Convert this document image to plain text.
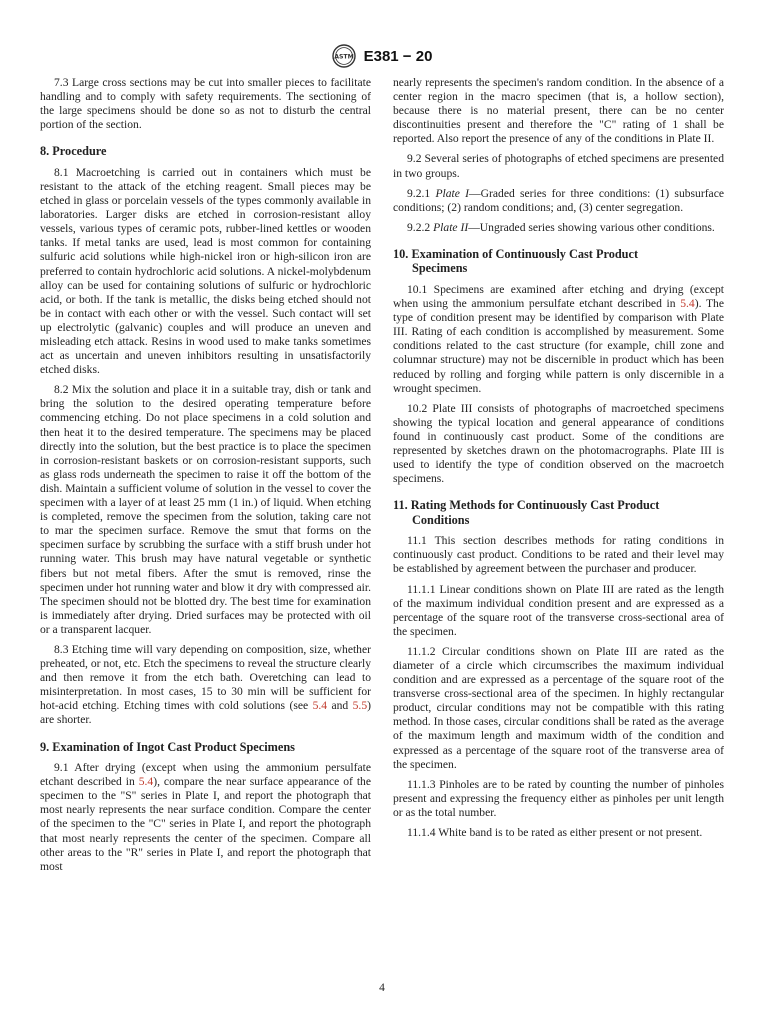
ASTM E381 − 20

7.3 Large cross sections may be cut into smaller pieces to facilitate handling and to comply with safety requirements. The sectioning of the large specimens should be done so as not to disturb the central portion of the section.

8. Procedure

8.1 Macroetching is carried out in containers which must be resistant to the attack of the etching reagent. Small pieces may be etched in glass or porcelain vessels of the types commonly available in laboratories. Larger disks are etched in corrosion-resistant alloy vessels, various types of ceramic pots, rubber-lined kettles or wooden tanks. If metal tanks are used, lead is most common for containing sulfuric acid solutions while high-nickel iron or high-silicon iron are preferred to contain hydrochloric acid solutions. A nickel-molybdenum alloy can be used for containing solutions of sulfuric or hydrochloric acid, or both. If the tank is metallic, the disks being etched should not be in contact with each other or with the vessel. Such contact will set up electrolytic (galvanic) couples and will produce an uneven and misleading etch attack. Resins in wood used to make tanks sometimes act as uncertain and uneven inhibitors resulting in unsatisfactorily etched disks.

8.2 Mix the solution and place it in a suitable tray, dish or tank and bring the solution to the desired operating temperature before commencing etching. Do not place specimens in a cold solution and then heat it to the desired temperature. The specimens may be placed directly into the solution, but the best practice is to place the specimen in corrosion-resistant baskets or on corrosion-resistant supports, such as glass rods underneath the specimen to raise it off the bottom of the dish. Maintain a sufficient volume of solution in the vessel to cover the specimen with a layer of at least 25 mm (1 in.) of liquid. When etching is completed, remove the specimen from the solution, taking care not to mar the specimen surface. Remove the smut that forms on the specimen surface by scrubbing the surface with a stiff brush under hot running water. This brush may have natural vegetable or synthetic fibers but not metal fibers. After the smut is removed, rinse the specimen under hot running water and blow it dry with compressed air. The specimen should not be blotted dry. The best time for examination is immediately after drying. Dried surfaces may be protected with oil or a transparent lacquer.

8.3 Etching time will vary depending on composition, size, whether preheated, or not, etc. Etch the specimens to reveal the structure clearly and then remove it from the etch bath. Overetching can lead to misinterpretation. In most cases, 15 to 30 min will be sufficient for hot-acid etching. Etching times with cold solutions (see 5.4 and 5.5) are shorter.

9. Examination of Ingot Cast Product Specimens

9.1 After drying (except when using the ammonium persulfate etchant described in 5.4), compare the near surface appearance of the specimen to the "S" series in Plate I, and report the photograph that most nearly represents the near surface condition. Compare the center of the specimen to the "C" series in Plate I, and report the photograph that most nearly represents the center of the specimen. Compare all other areas to the "R" series in Plate I, and report the photograph that most

nearly represents the specimen's random condition. In the absence of a center region in the macro specimen (that is, a hollow section), because there is no material present, there can be no center discontinuities present and therefore the "C" rating of 1 shall be reported. Also report the presence of any of the conditions in Plate II.

9.2 Several series of photographs of etched specimens are presented in two groups.

9.2.1 Plate I—Graded series for three conditions: (1) subsurface conditions; (2) random conditions; and, (3) center segregation.

9.2.2 Plate II—Ungraded series showing various other conditions.

10. Examination of Continuously Cast Product
Specimens

10.1 Specimens are examined after etching and drying (except when using the ammonium persulfate etchant described in 5.4). The type of condition present may be identified by comparison with Plate III. Rating of each condition is accomplished by measurement. Some conditions related to the cast structure (for example, chill zone and columnar structure) may not be discernible in product which has been reduced by rolling and forging while pattern is only discernible in a wrought specimen.

10.2 Plate III consists of photographs of macroetched specimens showing the typical location and general appearance of conditions found in continuously cast product. Some of the conditions are represented by sketches drawn on the photomacrographs. Plate III is used to identify the type of condition observed on the macroetch specimens.

11. Rating Methods for Continuously Cast Product
Conditions

11.1 This section describes methods for rating conditions in continuously cast product. Conditions to be rated and their level may be established by agreement between the purchaser and producer.

11.1.1 Linear conditions shown on Plate III are rated as the length of the maximum individual condition present and are expressed as a percentage of the square root of the transverse cross-sectional area of the specimen.

11.1.2 Circular conditions shown on Plate III are rated as the diameter of a circle which circumscribes the maximum individual condition and are expressed as a percentage of the square root of the transverse cross-sectional area of the specimen. In highly rectangular product, circular conditions may not be compatible with this rating method. In those cases, circular conditions shall be rated as the average of the maximum length and maximum width of the condition and expressed as a percentage of the square root of the transverse area of the specimen.

11.1.3 Pinholes are to be rated by counting the number of pinholes present and expressing the frequency either as pinholes per unit length or as the total number.

11.1.4 White band is to be rated as either present or not present.

4
